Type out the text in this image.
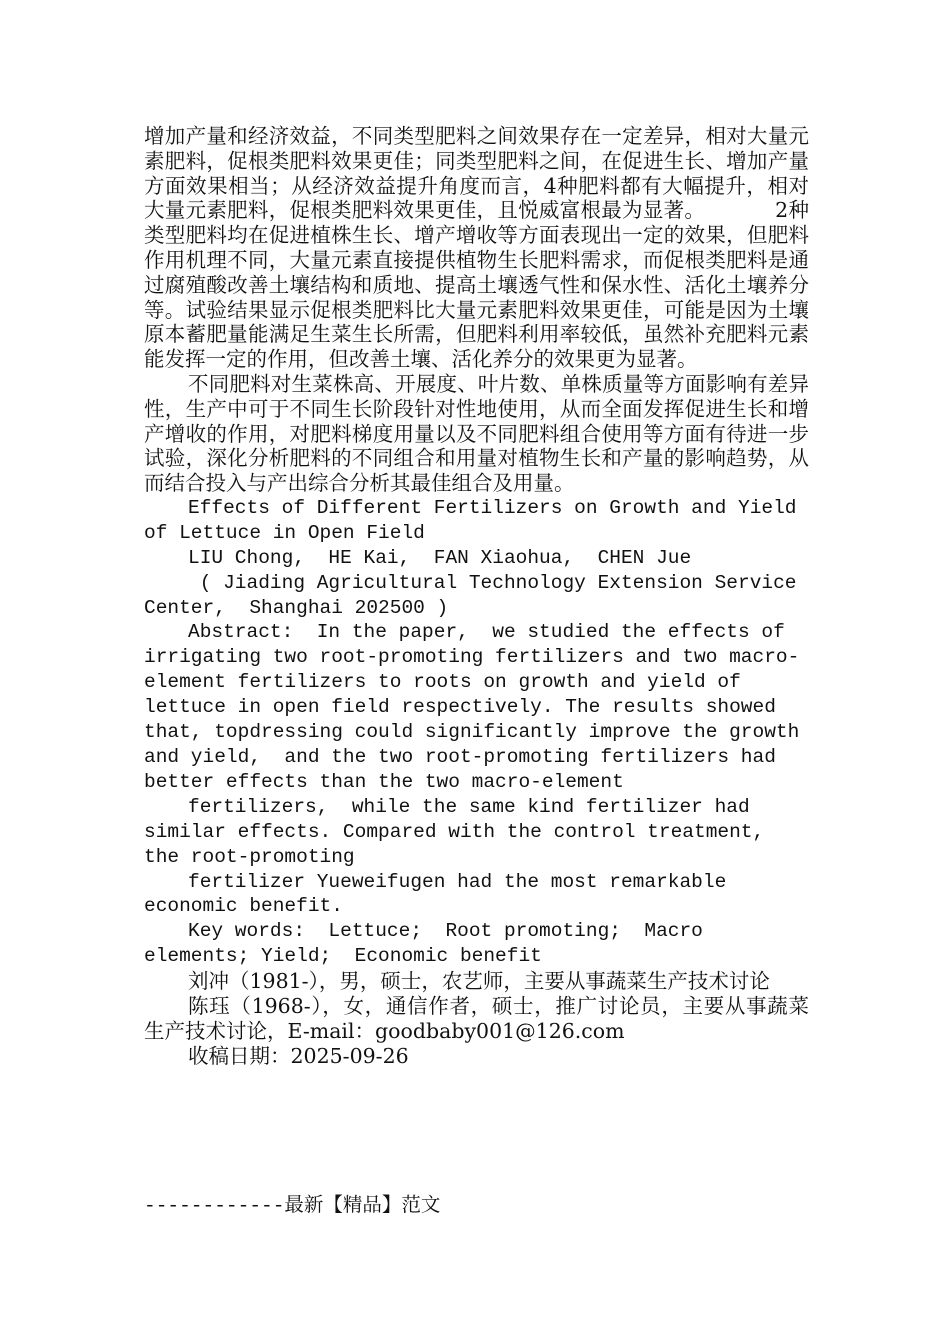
增加产量和经济效益，不同类型肥料之间效果存在一定差异，相对大量元素肥料，促根类肥料效果更佳；同类型肥料之间，在促进生长、增加产量方面效果相当；从经济效益提升角度而言，4种肥料都有大幅提升，相对大量元素肥料，促根类肥料效果更佳，且悦威富根最为显著。	2种类型肥料均在促进植株生长、增产增收等方面表现出一定的效果，但肥料作用机理不同，大量元素直接提供植物生长肥料需求，而促根类肥料是通过腐殖酸改善土壤结构和质地、提高土壤透气性和保水性、活化土壤养分等。试验结果显示促根类肥料比大量元素肥料效果更佳，可能是因为土壤原本蓄肥量能满足生菜生长所需，但肥料利用率较低，虽然补充肥料元素能发挥一定的作用，但改善土壤、活化养分的效果更为显著。

不同肥料对生菜株高、开展度、叶片数、单株质量等方面影响有差异性，生产中可于不同生长阶段针对性地使用，从而全面发挥促进生长和增产增收的作用，对肥料梯度用量以及不同肥料组合使用等方面有待进一步试验，深化分析肥料的不同组合和用量对植物生长和产量的影响趋势，从而结合投入与产出综合分析其最佳组合及用量。

Effects of Different Fertilizers on Growth and Yield of Lettuce in Open Field

LIU Chong,  HE Kai,  FAN Xiaohua,  CHEN Jue

( Jiading Agricultural Technology Extension Service Center,  Shanghai 202500 )

Abstract:  In the paper,  we studied the effects of irrigating two root-promoting fertilizers and two macro-element fertilizers to roots on growth and yield of lettuce in open field respectively. The results showed that, topdressing could significantly improve the growth and yield,  and the two root-promoting fertilizers had better effects than the two macro-element

fertilizers,  while the same kind fertilizer had similar effects. Compared with the control treatment,  the root-promoting

fertilizer Yueweifugen had the most remarkable economic benefit.

Key words:  Lettuce;  Root promoting;  Macro elements; Yield;  Economic benefit

刘冲（1981-），男，硕士，农艺师，主要从事蔬菜生产技术讨论

陈珏（1968-），女，通信作者，硕士，推广讨论员，主要从事蔬菜生产技术讨论，E-mail：goodbaby001@126.com

收稿日期：2025-09-26

------------最新【精品】范文
